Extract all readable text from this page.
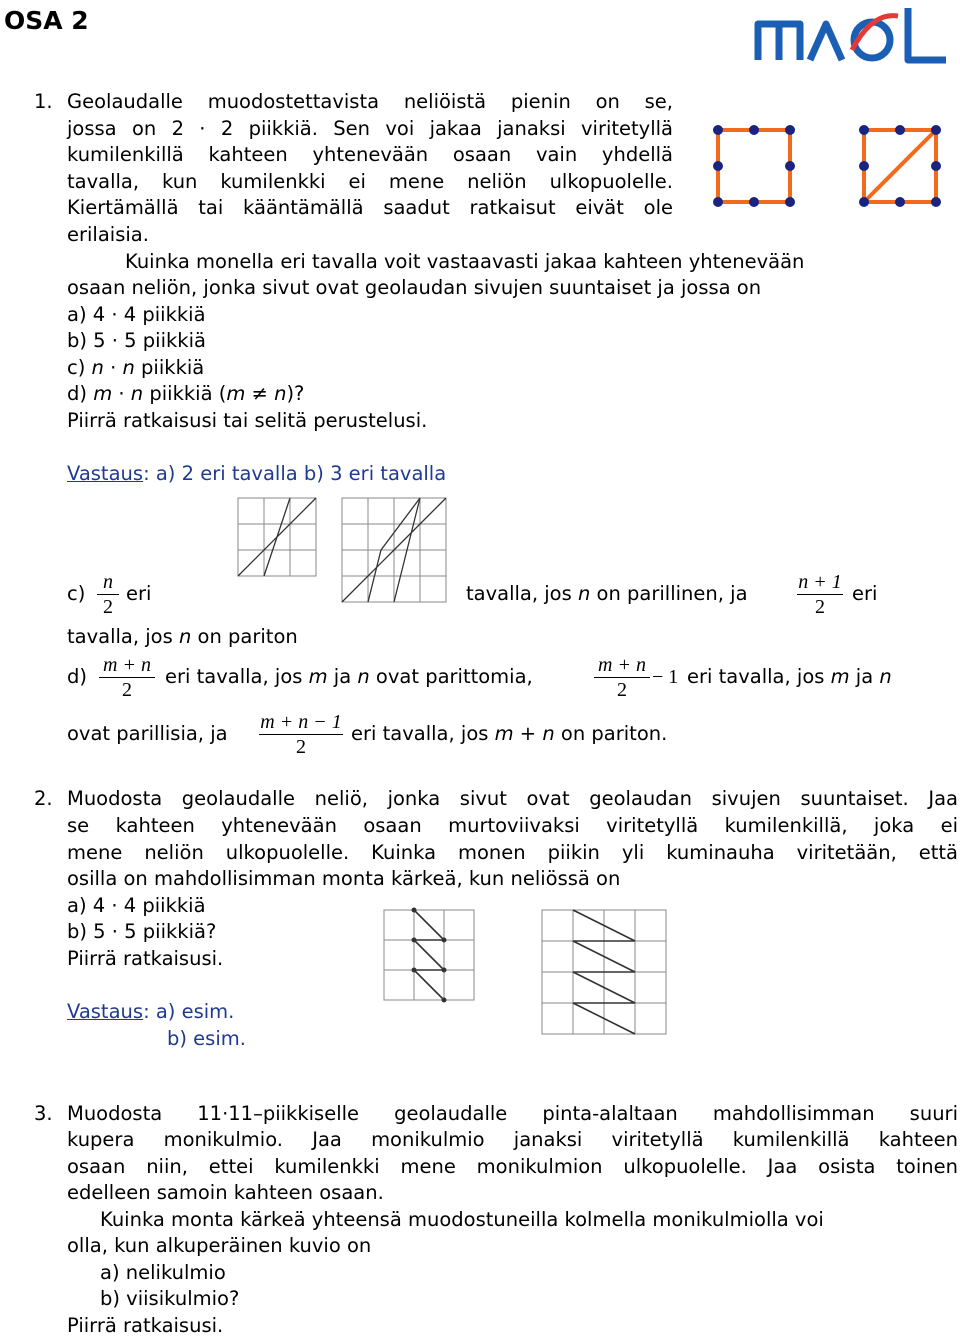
OSA 2
1. Geolaudalle muodostettavista neliöistä pienin on se,
jossa on 2 · 2 piikkiä. Sen voi jakaa janaksi viritetyllä
kumilenkillä kahteen yhtenevään osaan vain yhdellä
tavalla, kun kumilenkki ei mene neliön ulkopuolelle.
Kiertämällä tai kääntämällä saadut ratkaisut eivät ole
erilaisia.
Kuinka monella eri tavalla voit vastaavasti jakaa kahteen yhtenevään
osaan neliön, jonka sivut ovat geolaudan sivujen suuntaiset ja jossa on
a) 4 · 4 piikkiä
b) 5 · 5 piikkiä
c) n · n piikkiä
d) m · n piikkiä (m ≠ n)?
Piirrä ratkaisusi tai selitä perustelusi.
Vastaus: a) 2 eri tavalla b) 3 eri tavalla
c) n
2
eri	tavalla, jos n on parillinen, ja	n + 1
2
eri
tavalla, jos n on pariton
d) m + n
2
eri tavalla, jos m ja n ovat parittomia,	m + n
2
− 1 eri tavalla, jos m ja n
ovat parillisia, ja m + n − 1
2
eri tavalla, jos m + n on pariton.
2. Muodosta geolaudalle neliö, jonka sivut ovat geolaudan sivujen suuntaiset. Jaa
se kahteen yhtenevään osaan murtoviivaksi viritetyllä kumilenkillä, joka ei
mene neliön ulkopuolelle. Kuinka monen piikin yli kuminauha viritetään, että
osilla on mahdollisimman monta kärkeä, kun neliössä on
a) 4 · 4 piikkiä
b) 5 · 5 piikkiä?
Piirrä ratkaisusi.
Vastaus: a) esim.
b) esim.
3. Muodosta 11·11–piikkiselle geolaudalle pinta-alaltaan mahdollisimman suuri
kupera monikulmio. Jaa monikulmio janaksi viritetyllä kumilenkillä kahteen
osaan niin, ettei kumilenkki mene monikulmion ulkopuolelle. Jaa osista toinen
edelleen samoin kahteen osaan.
Kuinka monta kärkeä yhteensä muodostuneilla kolmella monikulmiolla voi
olla, kun alkuperäinen kuvio on
a) nelikulmio
b) viisikulmio?
Piirrä ratkaisusi.
